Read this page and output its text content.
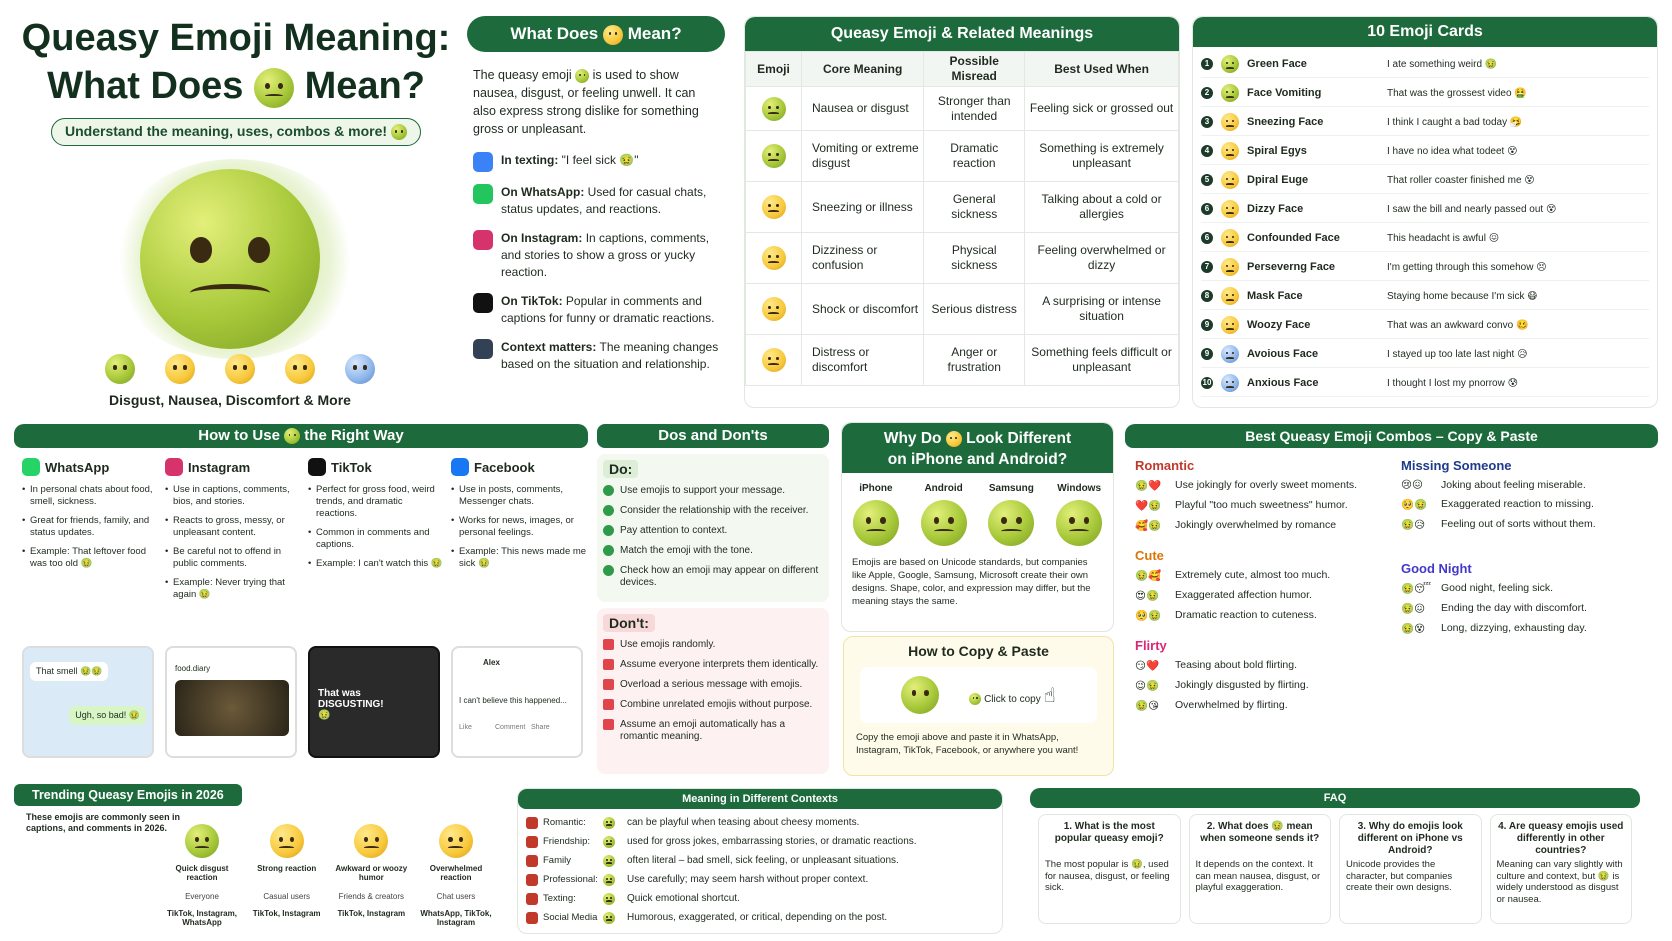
Queasy Emoji Meaning:
What Does Mean?
Understand the meaning, uses, combos & more!
Disgust, Nausea, Discomfort & More
What Does Mean?
The queasy emoji is used to show nausea, disgust, or feeling unwell. It can also express strong dislike for something gross or unpleasant.
In texting: "I feel sick 🤢"
On WhatsApp: Used for casual chats, status updates, and reactions.
On Instagram: In captions, comments, and stories to show a gross or yucky reaction.
On TikTok: Popular in comments and captions for funny or dramatic reactions.
Context matters: The meaning changes based on the situation and relationship.
Queasy Emoji & Related Meanings
Emoji	Core Meaning	Possible Misread	Best Used When

	Nausea or disgust	Stronger than intended	Feeling sick or grossed out

	Vomiting or extreme disgust	Dramatic reaction	Something is extremely unpleasant

	Sneezing or illness	General sickness	Talking about a cold or allergies

	Dizziness or confusion	Physical sickness	Feeling overwhelmed or dizzy

	Shock or discomfort	Serious distress	A surprising or intense situation

	Distress or discomfort	Anger or frustration	Something feels difficult or unpleasant
10 Emoji Cards
1	Green Face	I ate something weird 🤢
2	Face Vomiting	That was the grossest video 🤮
3	Sneezing Face	I think I caught a bad today 🤧
4	Spiral Egys	I have no idea what todeet 😵
5	Dpiral Euge	That roller coaster finished me 😵
6	Dizzy Face	I saw the bill and nearly passed out 😵
6	Confounded Face	This headacht is awful 😖
7	Perseverng Face	I'm getting through this somehow 😣
8	Mask Face	Staying home because I'm sick 😷
9	Woozy Face	That was an awkward convo 🥴
9	Avoious Face	I stayed up too late last night 😥
10	Anxious Face	I thought I lost my pnorrow 😰
How to Use the Right Way
WhatsApp
• In personal chats about food, smell, sickness.
• Great for friends, family, and status updates.
• Example: That leftover food was too old 🤢
That smell 🤢🤢
Ugh, so bad! 🤢
Instagram
• Use in captions, comments, bios, and stories.
• Reacts to gross, messy, or unpleasant content.
• Be careful not to offend in public comments.
• Example: Never trying that again 🤢
food.diary
TikTok
• Perfect for gross food, weird trends, and dramatic reactions.
• Common in comments and captions.
• Example: I can't watch this 🤢
That was DISGUSTING! 🤢
Facebook
• Use in posts, comments, Messenger chats.
• Works for news, images, or personal feelings.
• Example: This news made me sick 🤢
Alex
I can't believe this happened...
Like	Comment Share
Dos and Don'ts
Do:
Use emojis to support your message.
Consider the relationship with the receiver.
Pay attention to context.
Match the emoji with the tone.
Check how an emoji may appear on different devices.
Don't:
Use emojis randomly.
Assume everyone interprets them identically.
Overload a serious message with emojis.
Combine unrelated emojis without purpose.
Assume an emoji automatically has a romantic meaning.
Why Do Look Different
on iPhone and Android?
iPhone	Android	Samsung Windows
Emojis are based on Unicode standards, but companies like Apple, Google, Samsung, Microsoft create their own designs. Shape, color, and expression may differ, but the meaning stays the same.
How to Copy & Paste
Click to copy ☝
Copy the emoji above and paste it in WhatsApp, Instagram, TikTok, Facebook, or anywhere you want!
Best Queasy Emoji Combos – Copy & Paste
Romantic
🤢❤️	Use jokingly for overly sweet moments.
❤️🤢	Playful "too much sweetness" humor.
🥰🤢	Jokingly overwhelmed by romance
Cute
🤢🥰	Extremely cute, almost too much.
😍🤢	Exaggerated affection humor.
🥺🤢	Dramatic reaction to cuteness.
Flirty
😏❤️	Teasing about bold flirting.
😉🤢	Jokingly disgusted by flirting.
🤢😘	Overwhelmed by flirting.
Missing Someone
😢😖	Joking about feeling miserable.
🥺🤢	Exaggerated reaction to missing.
🤢😥	Feeling out of sorts without them.
Good Night
🤢😴 Good night, feeling sick.
🤢😖	Ending the day with discomfort.
🤢😵	Long, dizzying, exhausting day.
Trending Queasy Emojis in 2026
These emojis are commonly seen in captions, and comments in 2026.
Quick disgust reaction
Everyone
TikTok, Instagram, WhatsApp
Strong reaction
Casual users
TikTok, Instagram
Awkward or woozy humor
Friends & creators
TikTok, Instagram
Overwhelmed reaction
Chat users
WhatsApp, TikTok, Instagram
Meaning in Different Contexts
Romantic:	can be playful when teasing about cheesy moments.
Friendship:	used for gross jokes, embarrassing stories, or dramatic reactions.
Family	often literal – bad smell, sick feeling, or unpleasant situations.
Professional:	Use carefully; may seem harsh without proper context.
Texting:	Quick emotional shortcut.
Social Media	Humorous, exaggerated, or critical, depending on the post.
FAQ
1. What is the most popular queasy emoji?
The most popular is 🤢, used for nausea, disgust, or feeling sick.
2. What does 🤢 mean when someone sends it?
It depends on the context. It can mean nausea, disgust, or playful exaggeration.
3. Why do emojis look different on iPhone vs Android?
Unicode provides the character, but companies create their own designs.
4. Are queasy emojis used differently in other countries?
Meaning can vary slightly with culture and context, but 🤢 is widely understood as disgust or nausea.
